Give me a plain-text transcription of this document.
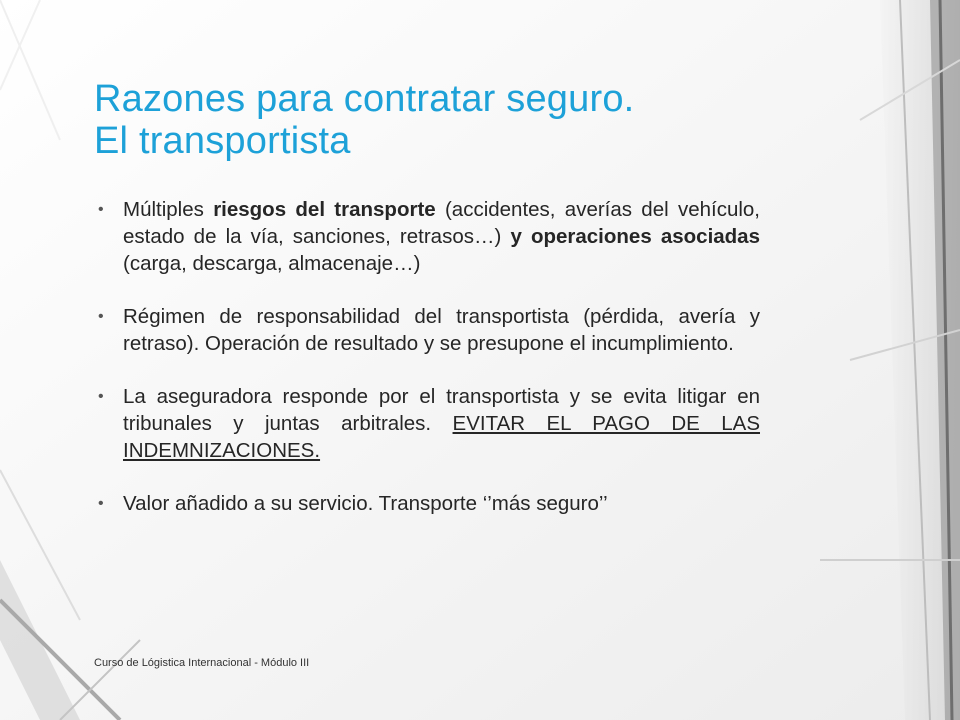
Razones para contratar seguro.
El transportista
• Múltiples riesgos del transporte (accidentes, averías del vehículo, estado de la vía, sanciones, retrasos…) y operaciones asociadas (carga, descarga, almacenaje…)
• Régimen de responsabilidad del transportista (pérdida, avería y retraso). Operación de resultado y se presupone el incumplimiento.
• La aseguradora responde por el transportista y se evita litigar en tribunales y juntas arbitrales. EVITAR EL PAGO DE LAS INDEMNIZACIONES.
• Valor añadido a su servicio. Transporte ‘’más seguro’’
Curso de Lógistica Internacional - Módulo III
